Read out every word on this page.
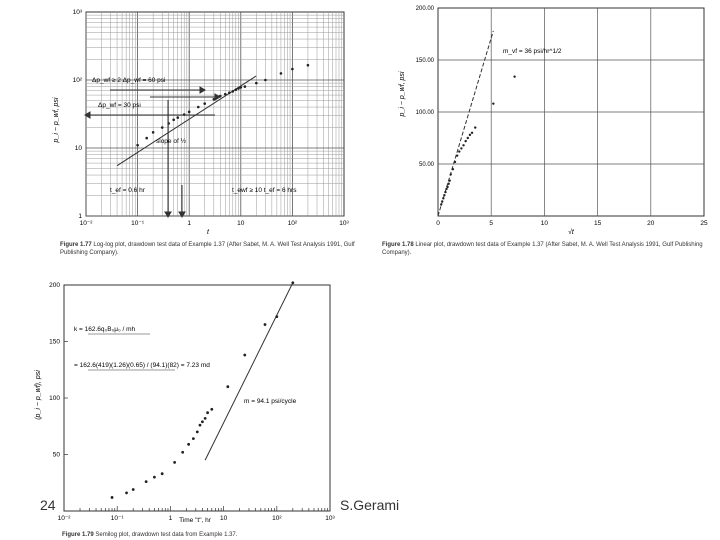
10⁻²	10⁻¹	1	10	10²	10³
1
10
10²
10³
t
p_i − p_wf, psi
Δp_wf ≥ 2 Δp_wf = 60 psi
Δp_wf = 30 psi
slope of ½
t_ef = 0.6 hr	t_ewf ≥ 10 t_ef = 6 hrs
0	5	10	15	20	25
50.00
100.00
150.00
200.00
√t
p_i − p_wf, psi
m_vf = 36 psi/hr^1/2
10⁻²	10⁻¹	1	10	10²	10³
50
100
150
200
Time "t", hr
(p_i − p_wf), psi
k = 162.6q₀B₀μ₀ / mh
= 162.6(419)(1.26)(0.65) / (94.1)(82) = 7.23 md
m = 94.1 psi/cycle
Figure 1.77 Log-log plot, drawdown test data of Example 1.37 (After Sabet, M. A. Well Test Analysis 1991, Gulf Publishing Company).
Figure 1.78 Linear plot, drawdown test data of Example 1.37 (After Sabet, M. A. Well Test Analysis 1991, Gulf Publishing Company).
Figure 1.79 Semilog plot, drawdown test data from Example 1.37.
24	S.Gerami
